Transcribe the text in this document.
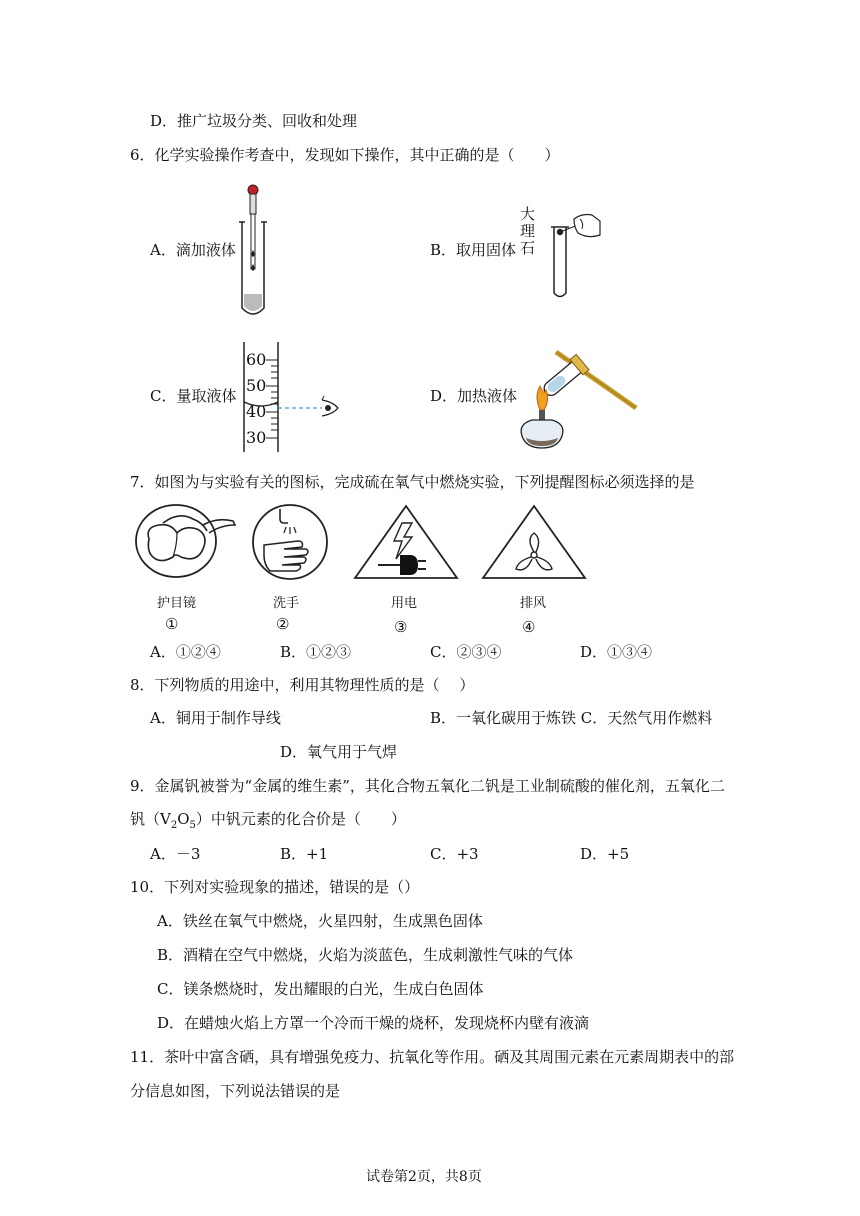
D．推广垃圾分类、回收和处理
6．化学实验操作考查中，发现如下操作，其中正确的是（　　）
A．滴加液体	B．取用固体
大
理
石
C．量取液体
60
50
40
30
D．加热液体
7．如图为与实验有关的图标，完成硫在氧气中燃烧实验，下列提醒图标必须选择的是
护目镜	洗手	用电	排风
①	②	③	④
A．①②④	B．①②③	C．②③④	D．①③④
8．下列物质的用途中，利用其物理性质的是（　 ）
A．铜用于制作导线	B．一氧化碳用于炼铁 C．天然气用作燃料
D．氧气用于气焊
9．金属钒被誉为“金属的维生素”，其化合物五氧化二钒是工业制硫酸的催化剂，五氧化二
钒$(V_2O_5)$中钒元素的化合价是（　　）
A．－3	B．+1	C．+3	D．+5
10．下列对实验现象的描述，错误的是（）
A．铁丝在氧气中燃烧，火星四射，生成黑色固体
B．酒精在空气中燃烧，火焰为淡蓝色，生成刺激性气味的气体
C．镁条燃烧时，发出耀眼的白光，生成白色固体
D．在蜡烛火焰上方罩一个冷而干燥的烧杯，发现烧杯内壁有液滴
11．茶叶中富含硒，具有增强免疫力、抗氧化等作用。硒及其周围元素在元素周期表中的部
分信息如图，下列说法错误的是
试卷第2页，共8页
